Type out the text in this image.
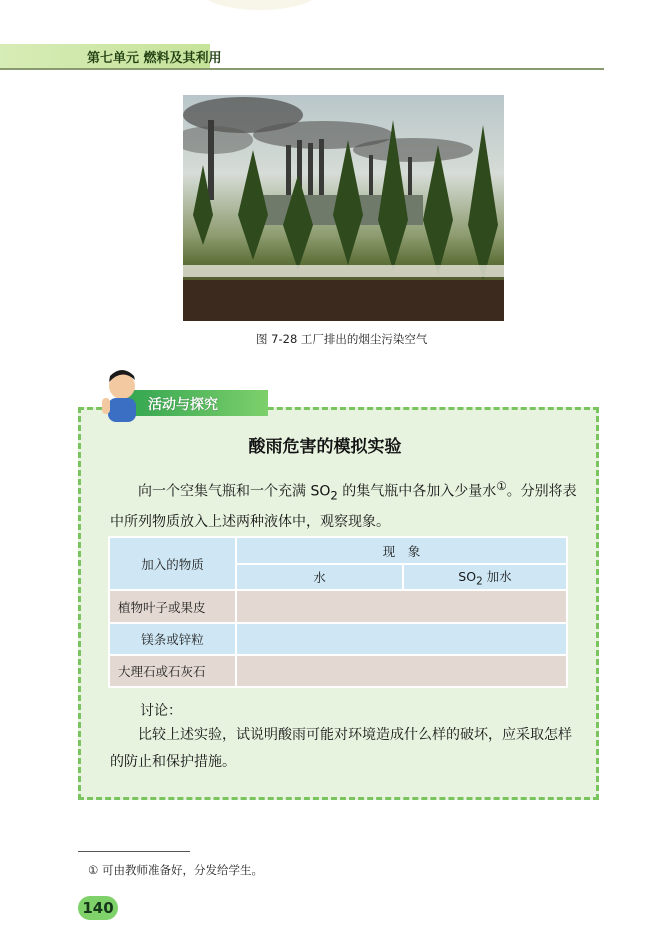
第七单元 燃料及其利用
图 7-28 工厂排出的烟尘污染空气
活动与探究
酸雨危害的模拟实验
向一个空集气瓶和一个充满 $SO_2$ 的集气瓶中各加入少量水①。分别将表中所列物质放入上述两种液体中，观察现象。
加入的物质	现　象	
	水	$SO_2$ 加水
植物叶子或果皮		
镁条或锌粒		
大理石或石灰石		
讨论：
比较上述实验，试说明酸雨可能对环境造成什么样的破坏，应采取怎样的防止和保护措施。
① 可由教师准备好，分发给学生。
140
